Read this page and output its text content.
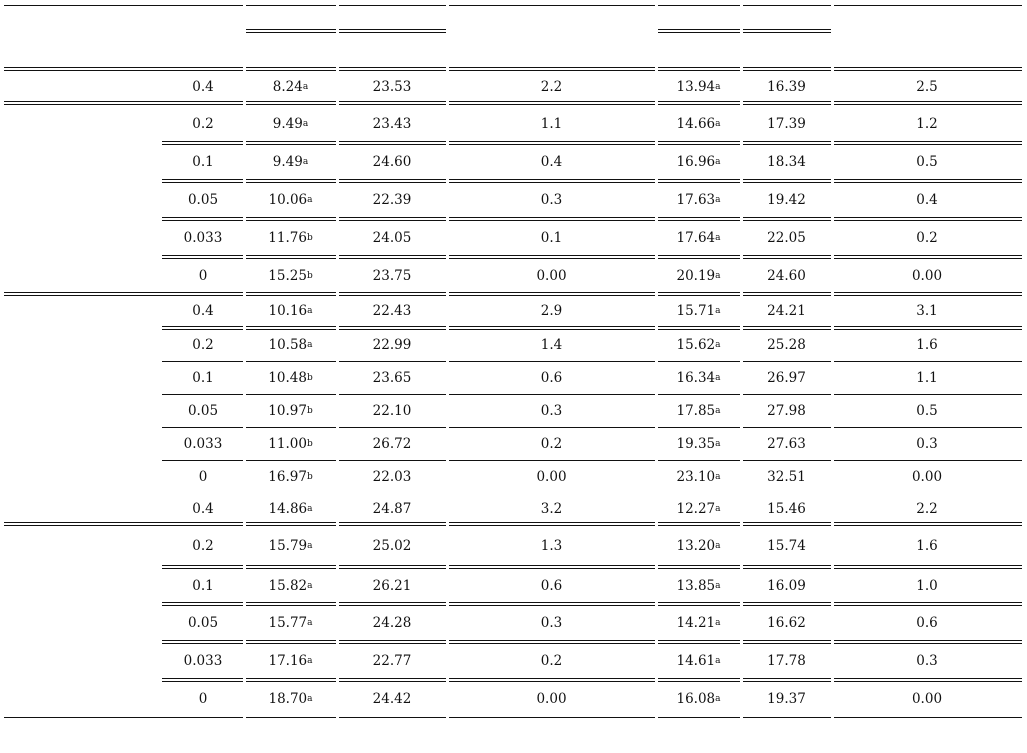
0.4	8.24 a	23.53	2.2	13.94 a	16.39	2.5
0.2	9.49 a	23.43	1.1	14.66 a	17.39	1.2
0.1	9.49 a	24.60	0.4	16.96 a	18.34	0.5
0.05	10.06 a	22.39	0.3	17.63 a	19.42	0.4
0.033	11.76 b	24.05	0.1	17.64 a	22.05	0.2
0	15.25 b	23.75	0.00	20.19 a	24.60	0.00
0.4	10.16 a	22.43	2.9	15.71 a	24.21	3.1
0.2	10.58 a	22.99	1.4	15.62 a	25.28	1.6
0.1	10.48 b	23.65	0.6	16.34 a	26.97	1.1
0.05	10.97 b	22.10	0.3	17.85 a	27.98	0.5
0.033	11.00 b	26.72	0.2	19.35 a	27.63	0.3
0	16.97 b	22.03	0.00	23.10 a	32.51	0.00
0.4	14.86 a	24.87	3.2	12.27 a	15.46	2.2
0.2	15.79 a	25.02	1.3	13.20 a	15.74	1.6
0.1	15.82 a	26.21	0.6	13.85 a	16.09	1.0
0.05	15.77 a	24.28	0.3	14.21 a	16.62	0.6
0.033	17.16 a	22.77	0.2	14.61 a	17.78	0.3
0	18.70 a	24.42	0.00	16.08 a	19.37	0.00
